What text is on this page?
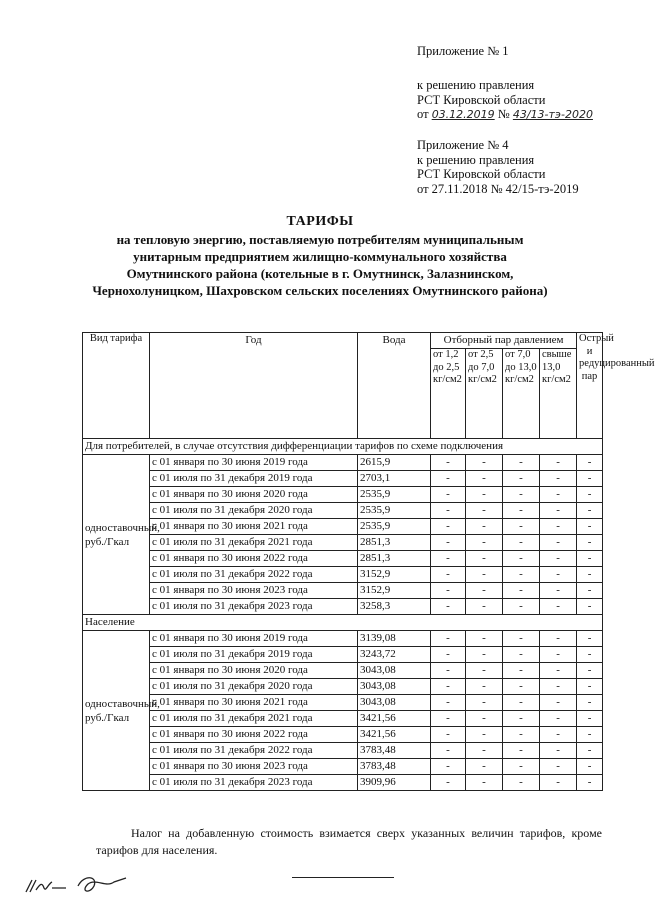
Приложение № 1
к решению правления
РСТ Кировской области
от 03.12.2019 № 43/13-тэ-2020
Приложение № 4
к решению правления
РСТ Кировской области
от 27.11.2018 № 42/15-тэ-2019
ТАРИФЫ
на тепловую энергию, поставляемую потребителям муниципальным унитарным предприятием жилищно-коммунального хозяйства Омутнинского района (котельные в г. Омутнинск, Залазнинском, Чернохолуницком, Шахровском сельских поселениях Омутнинского района)
Вид тарифа	Год	Вода	Отборный пар давлением				Острый и редуцированный пар
			от 1,2 до 2,5 кг/см2	от 2,5 до 7,0 кг/см2	от 7,0 до 13,0 кг/см2	свыше 13,0 кг/см2	
Для потребителей, в случае отсутствия дифференциации тарифов по схеме подключения							
одноставочный, руб./Гкал	с 01 января по 30 июня 2019 года	2615,9	-	-	-	-	-
	с 01 июля по 31 декабря 2019 года	2703,1	-	-	-	-	-
	с 01 января по 30 июня 2020 года	2535,9	-	-	-	-	-
	с 01 июля по 31 декабря 2020 года	2535,9	-	-	-	-	-
	с 01 января по 30 июня 2021 года	2535,9	-	-	-	-	-
	с 01 июля по 31 декабря 2021 года	2851,3	-	-	-	-	-
	с 01 января по 30 июня 2022 года	2851,3	-	-	-	-	-
	с 01 июля по 31 декабря 2022 года	3152,9	-	-	-	-	-
	с 01 января по 30 июня 2023 года	3152,9	-	-	-	-	-
	с 01 июля по 31 декабря 2023 года	3258,3	-	-	-	-	-
Население							
одноставочный, руб./Гкал	с 01 января по 30 июня 2019 года	3139,08	-	-	-	-	-
	с 01 июля по 31 декабря 2019 года	3243,72	-	-	-	-	-
	с 01 января по 30 июня 2020 года	3043,08	-	-	-	-	-
	с 01 июля по 31 декабря 2020 года	3043,08	-	-	-	-	-
	с 01 января по 30 июня 2021 года	3043,08	-	-	-	-	-
	с 01 июля по 31 декабря 2021 года	3421,56	-	-	-	-	-
	с 01 января по 30 июня 2022 года	3421,56	-	-	-	-	-
	с 01 июля по 31 декабря 2022 года	3783,48	-	-	-	-	-
	с 01 января по 30 июня 2023 года	3783,48	-	-	-	-	-
	с 01 июля по 31 декабря 2023 года	3909,96	-	-	-	-	-
Налог на добавленную стоимость взимается сверх указанных величин тарифов, кроме тарифов для населения.
